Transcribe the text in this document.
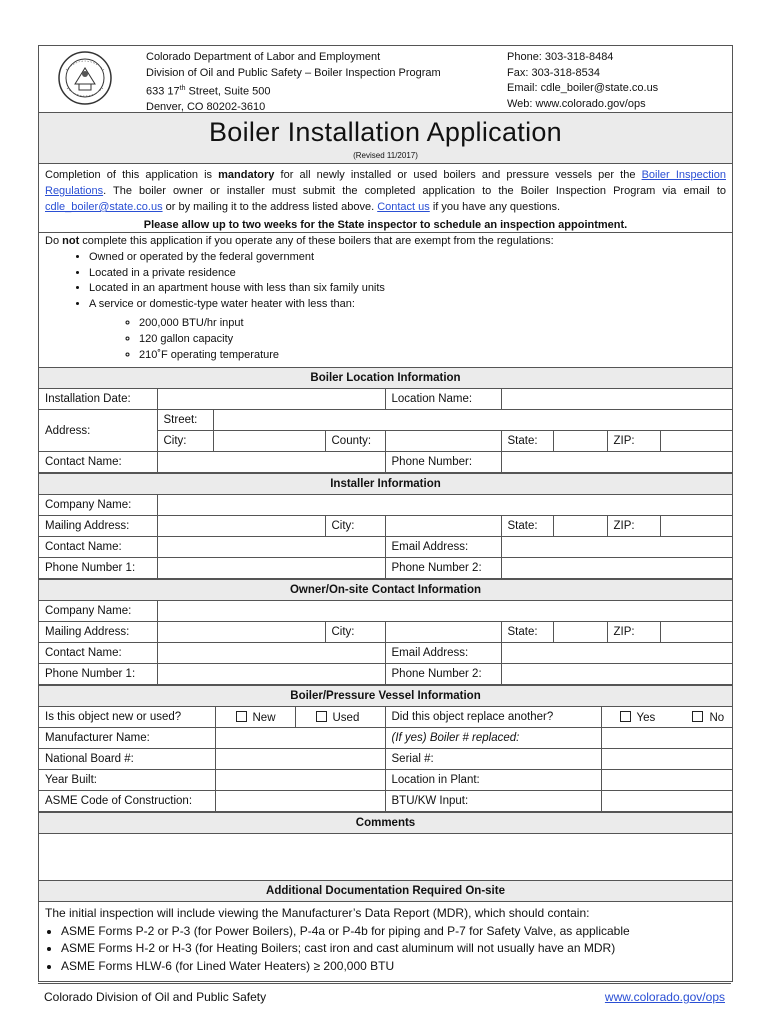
Colorado Department of Labor and Employment
Division of Oil and Public Safety – Boiler Inspection Program
633 17th Street, Suite 500
Denver, CO 80202-3610
Phone: 303-318-8484
Fax: 303-318-8534
Email: cdle_boiler@state.co.us
Web: www.colorado.gov/ops
Boiler Installation Application
(Revised 11/2017)
Completion of this application is mandatory for all newly installed or used boilers and pressure vessels per the Boiler Inspection Regulations. The boiler owner or installer must submit the completed application to the Boiler Inspection Program via email to cdle_boiler@state.co.us or by mailing it to the address listed above. Contact us if you have any questions.
Please allow up to two weeks for the State inspector to schedule an inspection appointment.
Do not complete this application if you operate any of these boilers that are exempt from the regulations:
• Owned or operated by the federal government
• Located in a private residence
• Located in an apartment house with less than six family units
• A service or domestic-type water heater with less than:
◦ 200,000 BTU/hr input
◦ 120 gallon capacity
◦ 210˚F operating temperature
Boiler Location Information
Installation Date:				Location Name:				
Address:	Street:							
	City:		County:		State:		ZIP:	
Contact Name:				Phone Number:				
Installer Information
Company Name:							
Mailing Address:		City:		State:		ZIP:	
Contact Name:			Email Address:				
Phone Number 1:			Phone Number 2:				
Owner/On-site Contact Information
Company Name:							
Mailing Address:		City:		State:		ZIP:	
Contact Name:			Email Address:				
Phone Number 1:			Phone Number 2:				
Boiler/Pressure Vessel Information
Is this object new or used?	New	Used	Did this object replace another?	Yes No
Manufacturer Name:			(If yes) Boiler # replaced:	
National Board #:			Serial #:	
Year Built:			Location in Plant:	
ASME Code of Construction:			BTU/KW Input:	
Comments
Additional Documentation Required On-site
The initial inspection will include viewing the Manufacturer’s Data Report (MDR), which should contain:
• ASME Forms P-2 or P-3 (for Power Boilers), P-4a or P-4b for piping and P-7 for Safety Valve, as applicable
• ASME Forms H-2 or H-3 (for Heating Boilers; cast iron and cast aluminum will not usually have an MDR)
• ASME Forms HLW-6 (for Lined Water Heaters) ≥ 200,000 BTU
Colorado Division of Oil and Public Safety	www.colorado.gov/ops
